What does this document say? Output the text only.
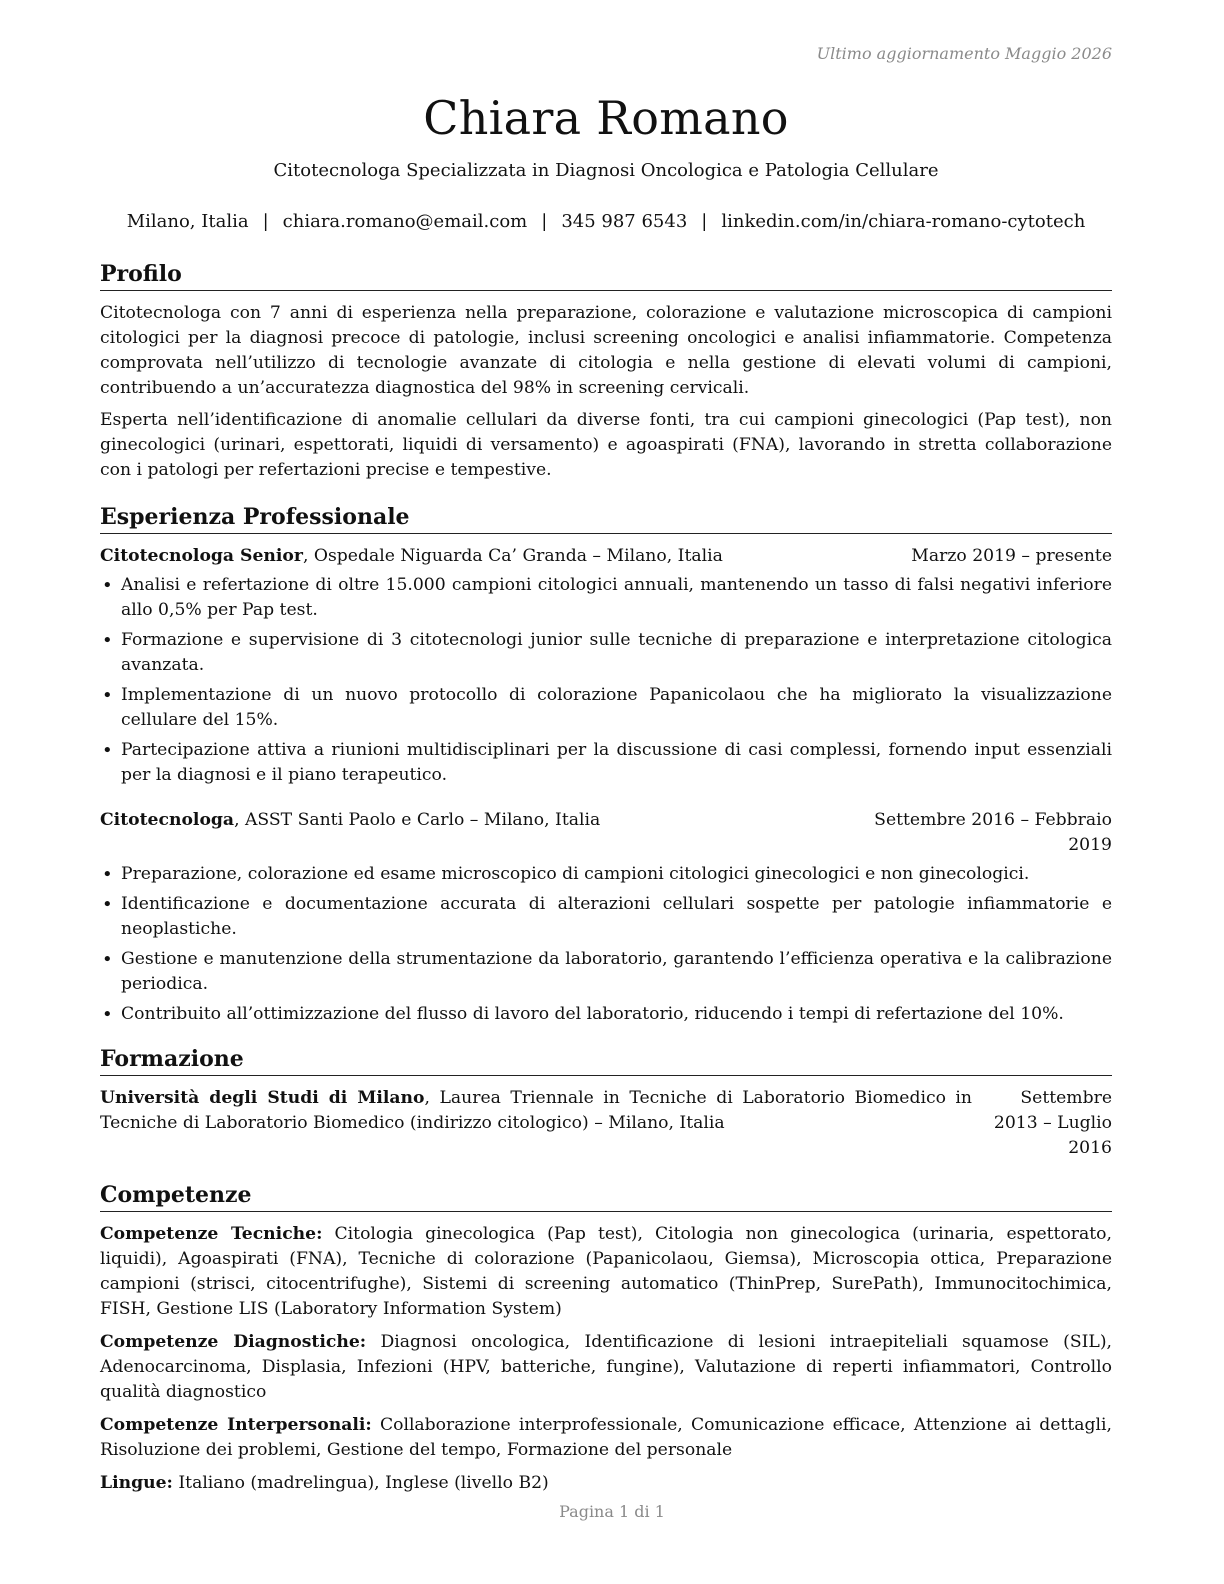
Ultimo aggiornamento Maggio 2026
Chiara Romano
Citotecnologa Specializzata in Diagnosi Oncologica e Patologia Cellulare
Milano, Italia | chiara.romano@email.com | 345 987 6543 | linkedin.com/in/chiara-romano-cytotech
Profilo

Citotecnologa con 7 anni di esperienza nella preparazione, colorazione e valutazione microscopica di campioni citologici per la diagnosi precoce di patologie, inclusi screening oncologici e analisi infiammatorie. Competenza comprovata nell’utilizzo di tecnologie avanzate di citologia e nella gestione di elevati volumi di campioni, contribuendo a un’accuratezza diagnostica del 98% in screening cervicali.

Esperta nell’identificazione di anomalie cellulari da diverse fonti, tra cui campioni ginecologici (Pap test), non ginecologici (urinari, espettorati, liquidi di versamento) e agoaspirati (FNA), lavorando in stretta collaborazione con i patologi per refertazioni precise e tempestive.

Esperienza Professionale
Citotecnologa Senior, Ospedale Niguarda Ca’ Granda – Milano, Italia	Marzo 2019 – presente
• Analisi e refertazione di oltre 15.000 campioni citologici annuali, mantenendo un tasso di falsi negativi inferiore allo 0,5% per Pap test.
• Formazione e supervisione di 3 citotecnologi junior sulle tecniche di preparazione e interpretazione citologica avanzata.
• Implementazione di un nuovo protocollo di colorazione Papanicolaou che ha migliorato la visualizzazione cellulare del 15%.
• Partecipazione attiva a riunioni multidisciplinari per la discussione di casi complessi, fornendo input essenziali per la diagnosi e il piano terapeutico.
Citotecnologa, ASST Santi Paolo e Carlo – Milano, Italia	Settembre 2016 – Febbraio 2019
• Preparazione, colorazione ed esame microscopico di campioni citologici ginecologici e non ginecologici.
• Identificazione e documentazione accurata di alterazioni cellulari sospette per patologie infiammatorie e neoplastiche.
• Gestione e manutenzione della strumentazione da laboratorio, garantendo l’efficienza operativa e la calibrazione periodica.
• Contribuito all’ottimizzazione del flusso di lavoro del laboratorio, riducendo i tempi di refertazione del 10%.
Formazione
Università degli Studi di Milano, Laurea Triennale in Tecniche di Laboratorio Biomedico in Tecniche di Laboratorio Biomedico (indirizzo citologico) – Milano, Italia
Settembre 2013 – Luglio 2016
Competenze

Competenze Tecniche: Citologia ginecologica (Pap test), Citologia non ginecologica (urinaria, espettorato, liquidi), Agoaspirati (FNA), Tecniche di colorazione (Papanicolaou, Giemsa), Microscopia ottica, Preparazione campioni (strisci, citocentrifughe), Sistemi di screening automatico (ThinPrep, SurePath), Immunocitochimica, FISH, Gestione LIS (Laboratory Information System)

Competenze Diagnostiche: Diagnosi oncologica, Identificazione di lesioni intraepiteliali squamose (SIL), Adenocarcinoma, Displasia, Infezioni (HPV, batteriche, fungine), Valutazione di reperti infiammatori, Controllo qualità diagnostico

Competenze Interpersonali: Collaborazione interprofessionale, Comunicazione efficace, Attenzione ai dettagli, Risoluzione dei problemi, Gestione del tempo, Formazione del personale

Lingue: Italiano (madrelingua), Inglese (livello B2)

Pagina 1 di 1
